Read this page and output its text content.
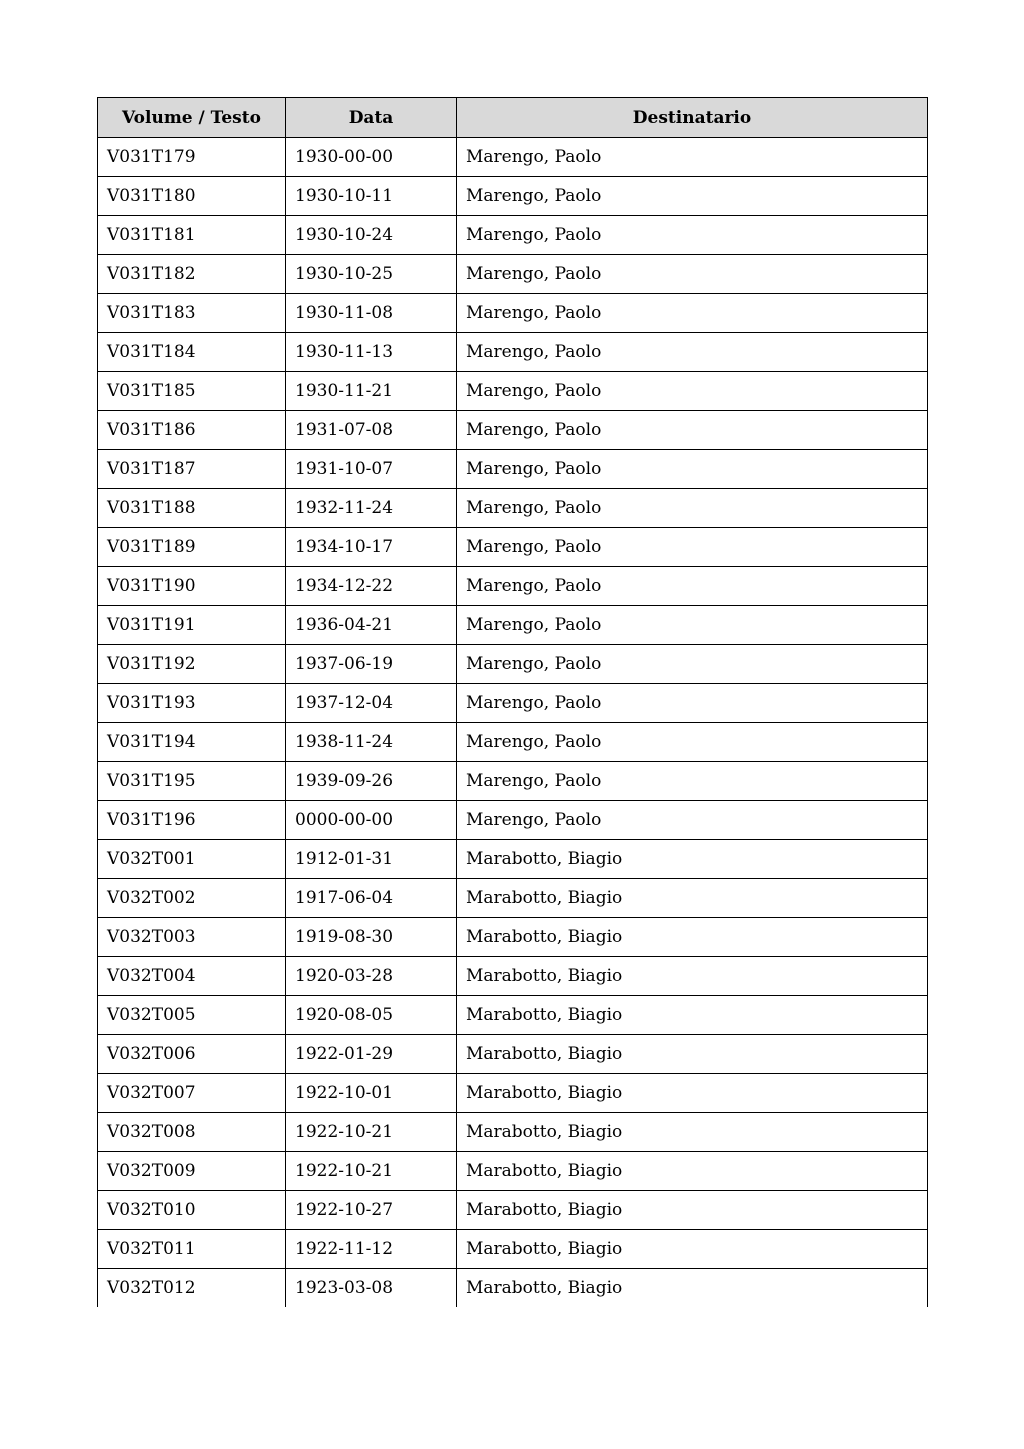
Volume / Testo	Data	Destinatario
V031T179	1930-00-00	Marengo, Paolo
V031T180	1930-10-11	Marengo, Paolo
V031T181	1930-10-24	Marengo, Paolo
V031T182	1930-10-25	Marengo, Paolo
V031T183	1930-11-08	Marengo, Paolo
V031T184	1930-11-13	Marengo, Paolo
V031T185	1930-11-21	Marengo, Paolo
V031T186	1931-07-08	Marengo, Paolo
V031T187	1931-10-07	Marengo, Paolo
V031T188	1932-11-24	Marengo, Paolo
V031T189	1934-10-17	Marengo, Paolo
V031T190	1934-12-22	Marengo, Paolo
V031T191	1936-04-21	Marengo, Paolo
V031T192	1937-06-19	Marengo, Paolo
V031T193	1937-12-04	Marengo, Paolo
V031T194	1938-11-24	Marengo, Paolo
V031T195	1939-09-26	Marengo, Paolo
V031T196	0000-00-00	Marengo, Paolo
V032T001	1912-01-31	Marabotto, Biagio
V032T002	1917-06-04	Marabotto, Biagio
V032T003	1919-08-30	Marabotto, Biagio
V032T004	1920-03-28	Marabotto, Biagio
V032T005	1920-08-05	Marabotto, Biagio
V032T006	1922-01-29	Marabotto, Biagio
V032T007	1922-10-01	Marabotto, Biagio
V032T008	1922-10-21	Marabotto, Biagio
V032T009	1922-10-21	Marabotto, Biagio
V032T010	1922-10-27	Marabotto, Biagio
V032T011	1922-11-12	Marabotto, Biagio
V032T012	1923-03-08	Marabotto, Biagio
